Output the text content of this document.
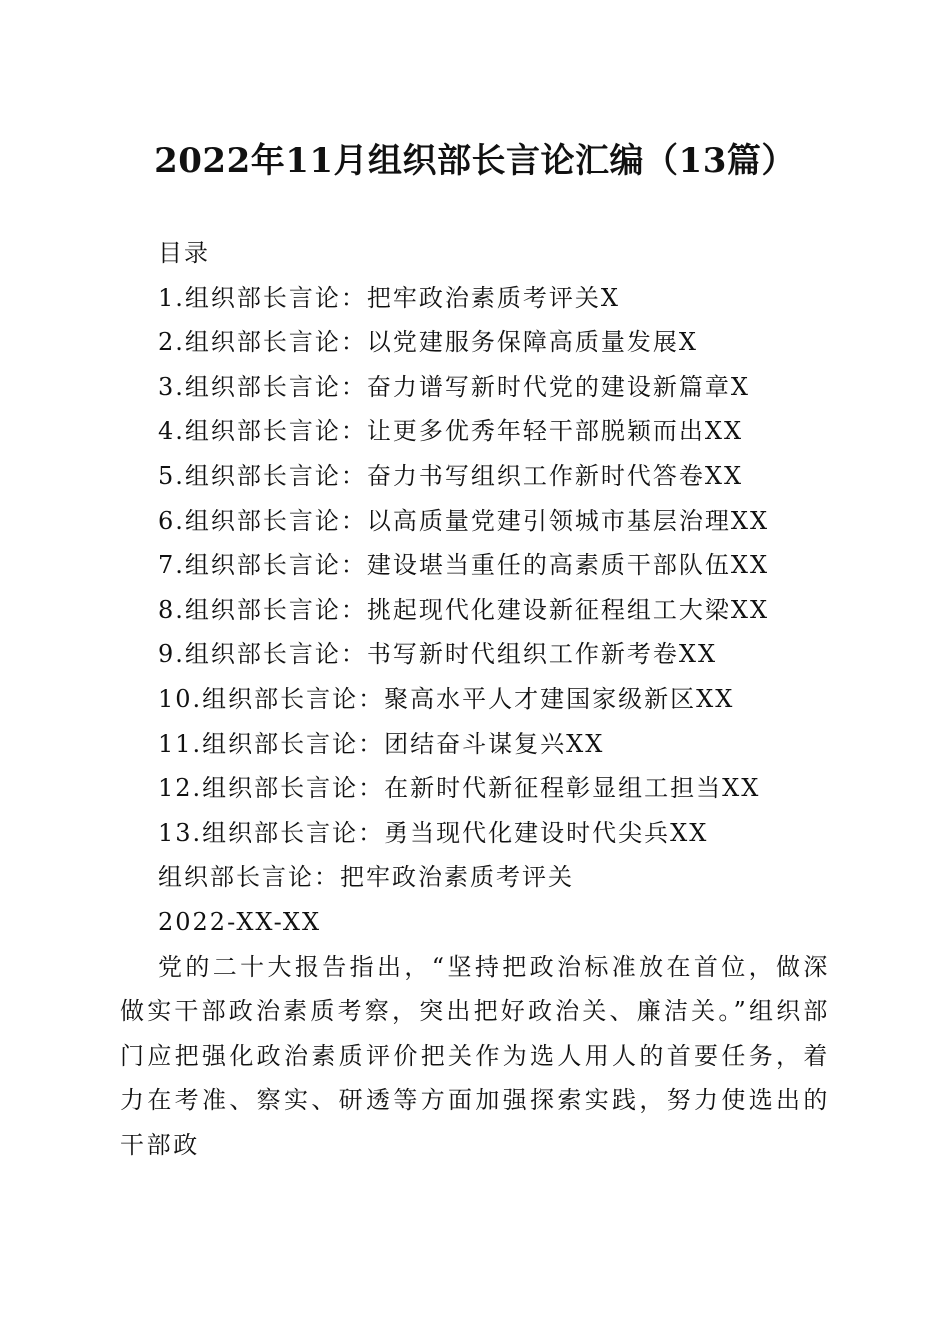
2022年11月组织部长言论汇编（13篇）
目录
1.组织部长言论：把牢政治素质考评关X
2.组织部长言论：以党建服务保障高质量发展X
3.组织部长言论：奋力谱写新时代党的建设新篇章X
4.组织部长言论：让更多优秀年轻干部脱颖而出XX
5.组织部长言论：奋力书写组织工作新时代答卷XX
6.组织部长言论：以高质量党建引领城市基层治理XX
7.组织部长言论：建设堪当重任的高素质干部队伍XX
8.组织部长言论：挑起现代化建设新征程组工大梁XX
9.组织部长言论：书写新时代组织工作新考卷XX
10.组织部长言论：聚高水平人才建国家级新区XX
11.组织部长言论：团结奋斗谋复兴XX
12.组织部长言论：在新时代新征程彰显组工担当XX
13.组织部长言论：勇当现代化建设时代尖兵XX
组织部长言论：把牢政治素质考评关
2022-XX-XX

党的二十大报告指出，“坚持把政治标准放在首位，做深做实干部政治素质考察，突出把好政治关、廉洁关。”组织部门应把强化政治素质评价把关作为选人用人的首要任务，着力在考准、察实、研透等方面加强探索实践，努力使选出的干部政
